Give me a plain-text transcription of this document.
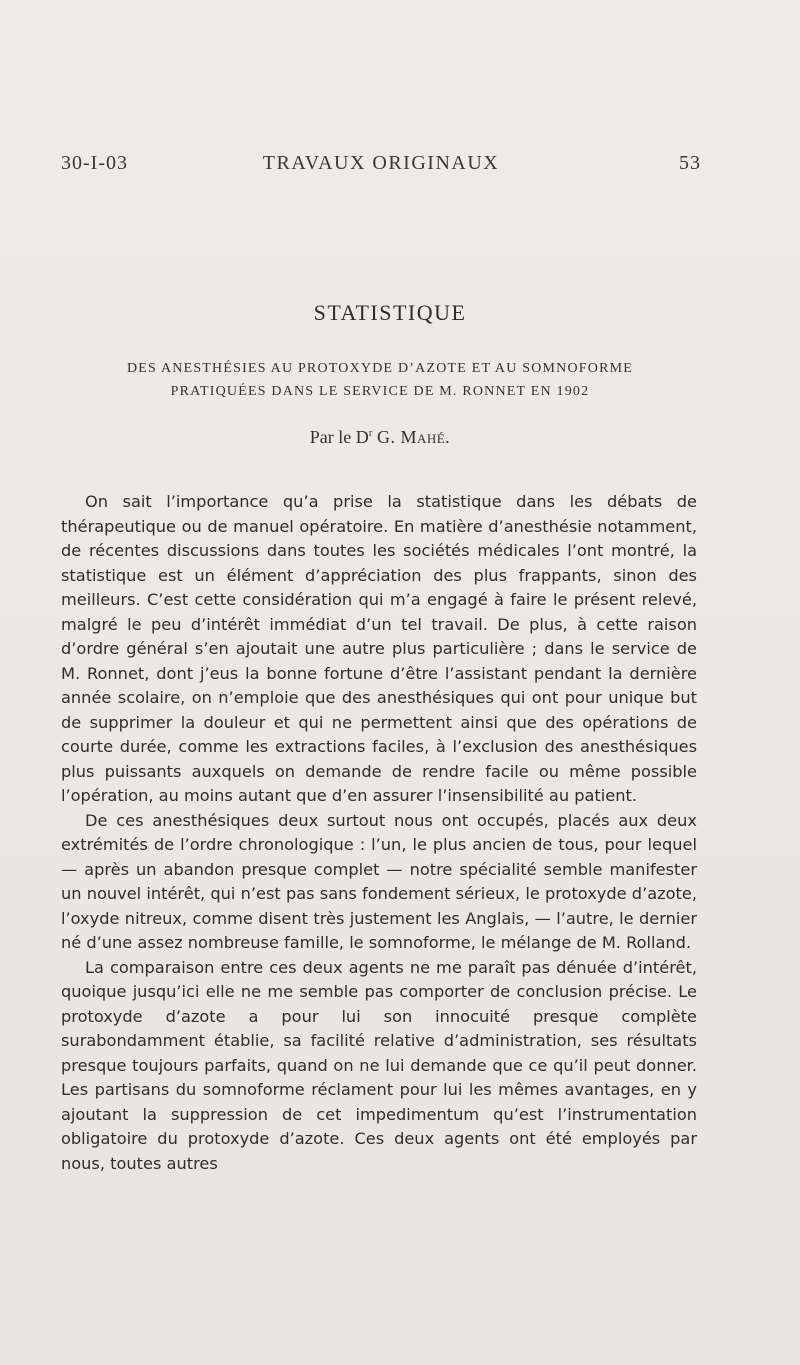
30-I-03	TRAVAUX ORIGINAUX	53
STATISTIQUE
DES ANESTHÉSIES AU PROTOXYDE D’AZOTE ET AU SOMNOFORME
PRATIQUÉES DANS LE SERVICE DE M. RONNET EN 1902
Par le $D^r$ G. Mahé.

On sait l’importance qu’a prise la statistique dans les débats de thérapeutique ou de manuel opératoire. En matière d’anesthésie notamment, de récentes discussions dans toutes les sociétés médicales l’ont montré, la statistique est un élément d’appréciation des plus frappants, sinon des meilleurs. C’est cette considération qui m’a engagé à faire le présent relevé, malgré le peu d’intérêt immédiat d’un tel travail. De plus, à cette raison d’ordre général s’en ajoutait une autre plus particulière ; dans le service de M. Ronnet, dont j’eus la bonne fortune d’être l’assistant pendant la dernière année scolaire, on n’emploie que des anesthésiques qui ont pour unique but de supprimer la douleur et qui ne permettent ainsi que des opérations de courte durée, comme les extractions faciles, à l’exclusion des anesthésiques plus puissants auxquels on demande de rendre facile ou même possible l’opération, au moins autant que d’en assurer l’insensibilité au patient.

De ces anesthésiques deux surtout nous ont occupés, placés aux deux extrémités de l’ordre chronologique : l’un, le plus ancien de tous, pour lequel — après un abandon presque complet — notre spécialité semble manifester un nouvel intérêt, qui n’est pas sans fondement sérieux, le protoxyde d’azote, l’oxyde nitreux, comme disent très justement les Anglais, — l’autre, le dernier né d’une assez nombreuse famille, le somnoforme, le mélange de M. Rolland.

La comparaison entre ces deux agents ne me paraît pas dénuée d’intérêt, quoique jusqu’ici elle ne me semble pas comporter de conclusion précise. Le protoxyde d’azote a pour lui son innocuité presque complète surabondamment établie, sa facilité relative d’administration, ses résultats presque toujours parfaits, quand on ne lui demande que ce qu’il peut donner. Les partisans du somnoforme réclament pour lui les mêmes avantages, en y ajoutant la suppression de cet impedimentum qu’est l’instrumentation obligatoire du protoxyde d’azote. Ces deux agents ont été employés par nous, toutes autres
